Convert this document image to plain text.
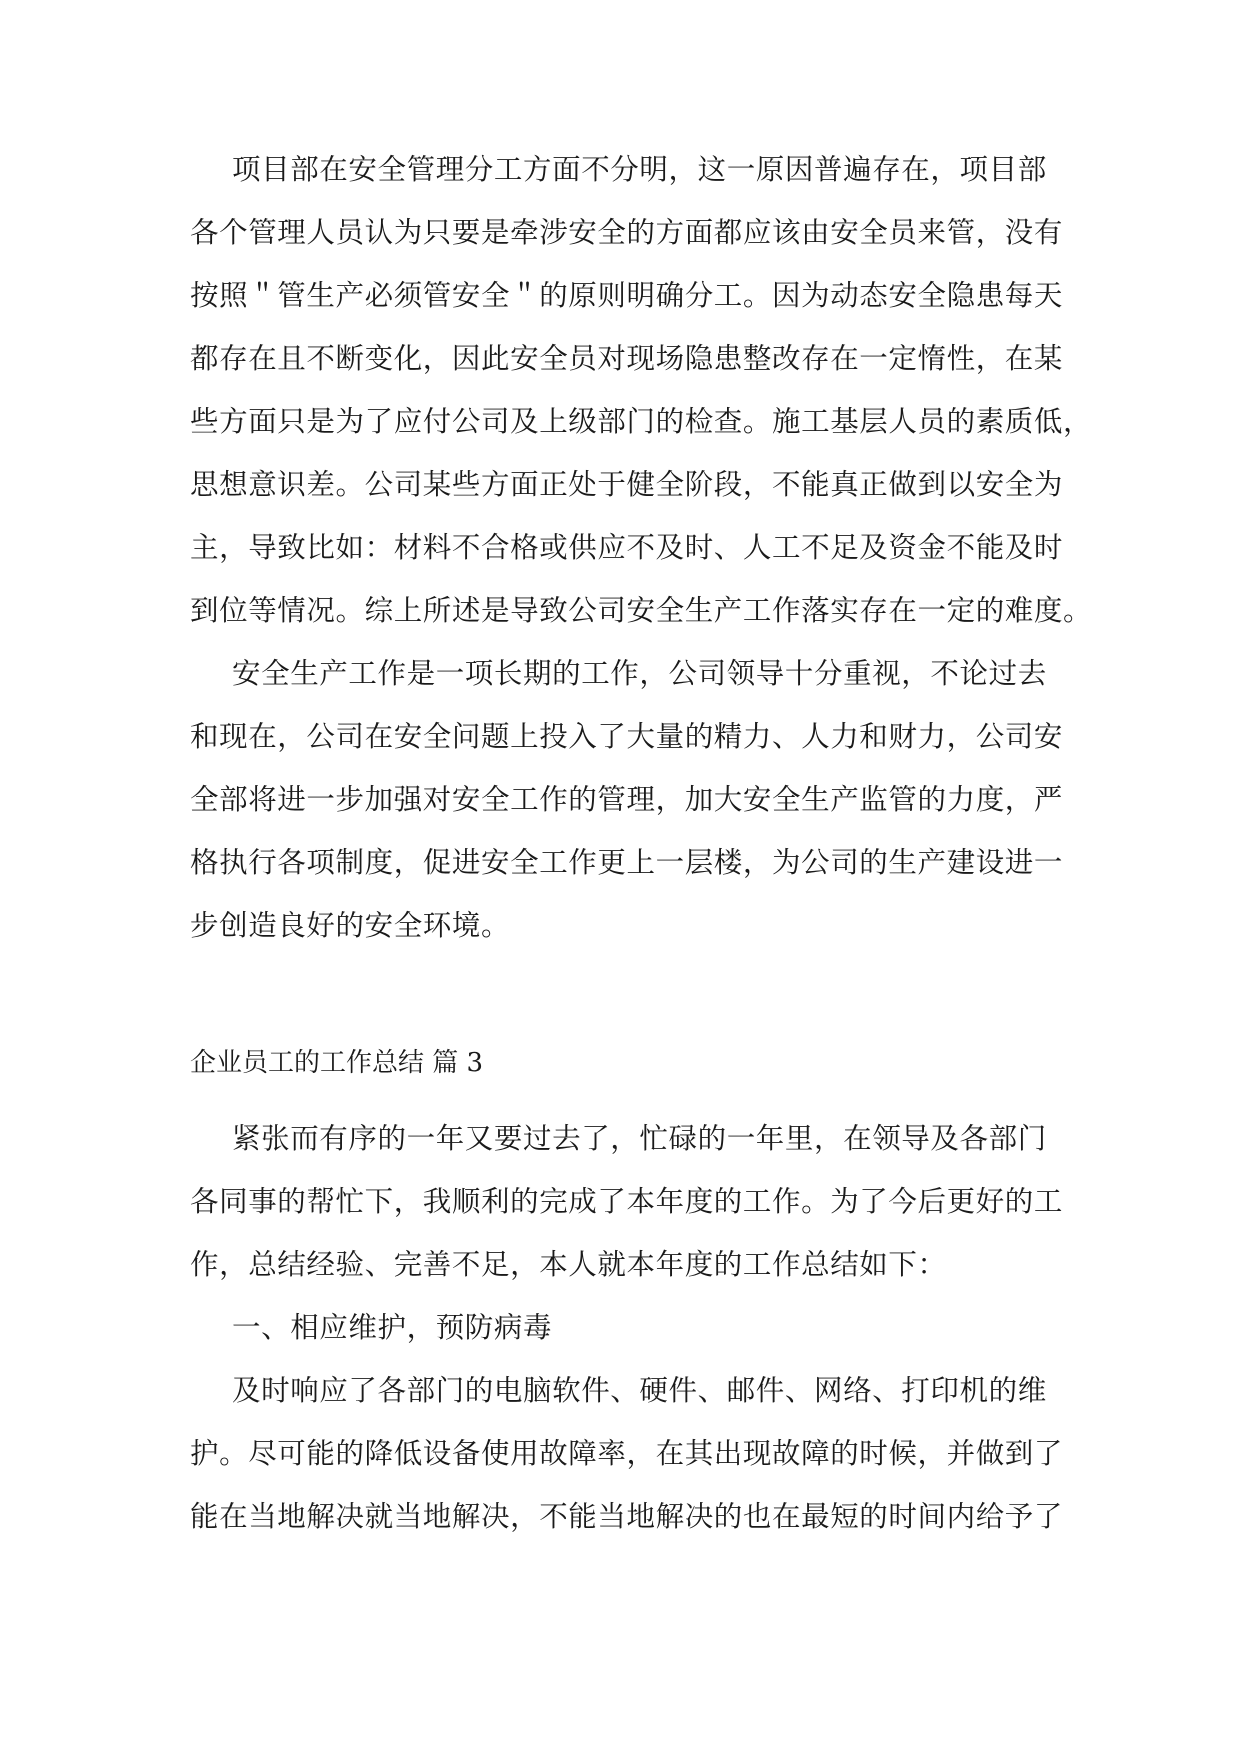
项目部在安全管理分工方面不分明，这一原因普遍存在，项目部

各个管理人员认为只要是牵涉安全的方面都应该由安全员来管，没有

按照＂管生产必须管安全＂的原则明确分工。因为动态安全隐患每天

都存在且不断变化，因此安全员对现场隐患整改存在一定惰性，在某

些方面只是为了应付公司及上级部门的检查。施工基层人员的素质低，

思想意识差。公司某些方面正处于健全阶段，不能真正做到以安全为

主，导致比如：材料不合格或供应不及时、人工不足及资金不能及时

到位等情况。综上所述是导致公司安全生产工作落实存在一定的难度。

安全生产工作是一项长期的工作，公司领导十分重视，不论过去

和现在，公司在安全问题上投入了大量的精力、人力和财力，公司安

全部将进一步加强对安全工作的管理，加大安全生产监管的力度，严

格执行各项制度，促进安全工作更上一层楼，为公司的生产建设进一

步创造良好的安全环境。

企业员工的工作总结 篇 3

紧张而有序的一年又要过去了，忙碌的一年里，在领导及各部门

各同事的帮忙下，我顺利的完成了本年度的工作。为了今后更好的工

作，总结经验、完善不足，本人就本年度的工作总结如下：

一、相应维护，预防病毒

及时响应了各部门的电脑软件、硬件、邮件、网络、打印机的维

护。尽可能的降低设备使用故障率，在其出现故障的时候，并做到了

能在当地解决就当地解决，不能当地解决的也在最短的时间内给予了
